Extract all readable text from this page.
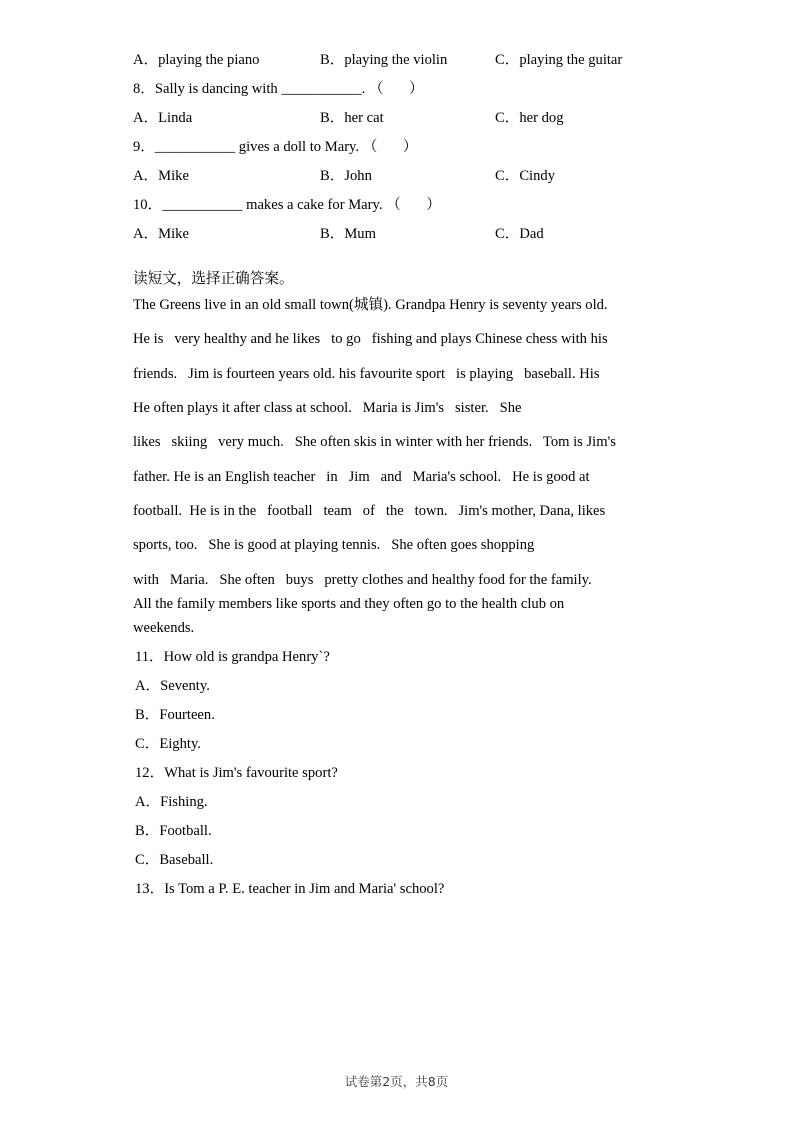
A．playing the piano	B．playing the violin	C．playing the guitar

8．Sally is dancing with ___________. （       ）

A．Linda	B．her cat	C．her dog

9．___________ gives a doll to Mary. （       ）

A．Mike	B．John	C．Cindy

10．___________ makes a cake for Mary. （       ）

A．Mike	B．Mum	C．Dad

读短文，选择正确答案。

The Greens live in an old small town(城镇). Grandpa Henry is seventy years old.

He is   very healthy and he likes   to go   fishing and plays Chinese chess with his

friends.   Jim is fourteen years old. his favourite sport   is playing   baseball. His

He often plays it after class at school.   Maria is Jim's   sister.   She

likes   skiing   very much.   She often skis in winter with her friends.   Tom is Jim's

father. He is an English teacher   in   Jim   and   Maria's school.   He is good at

football.  He is in the   football   team   of   the   town.   Jim's mother, Dana, likes

sports, too.   She is good at playing tennis.   She often goes shopping

with   Maria.   She often   buys   pretty clothes and healthy food for the family.

All the family members like sports and they often go to the health club on

weekends.

11．How old is grandpa Henry`?

A．Seventy.

B．Fourteen.

C．Eighty.

12．What is Jim's favourite sport?

A．Fishing.

B．Football.

C．Baseball.

13．Is Tom a P. E. teacher in Jim and Maria' school?

试卷第2页，共8页
